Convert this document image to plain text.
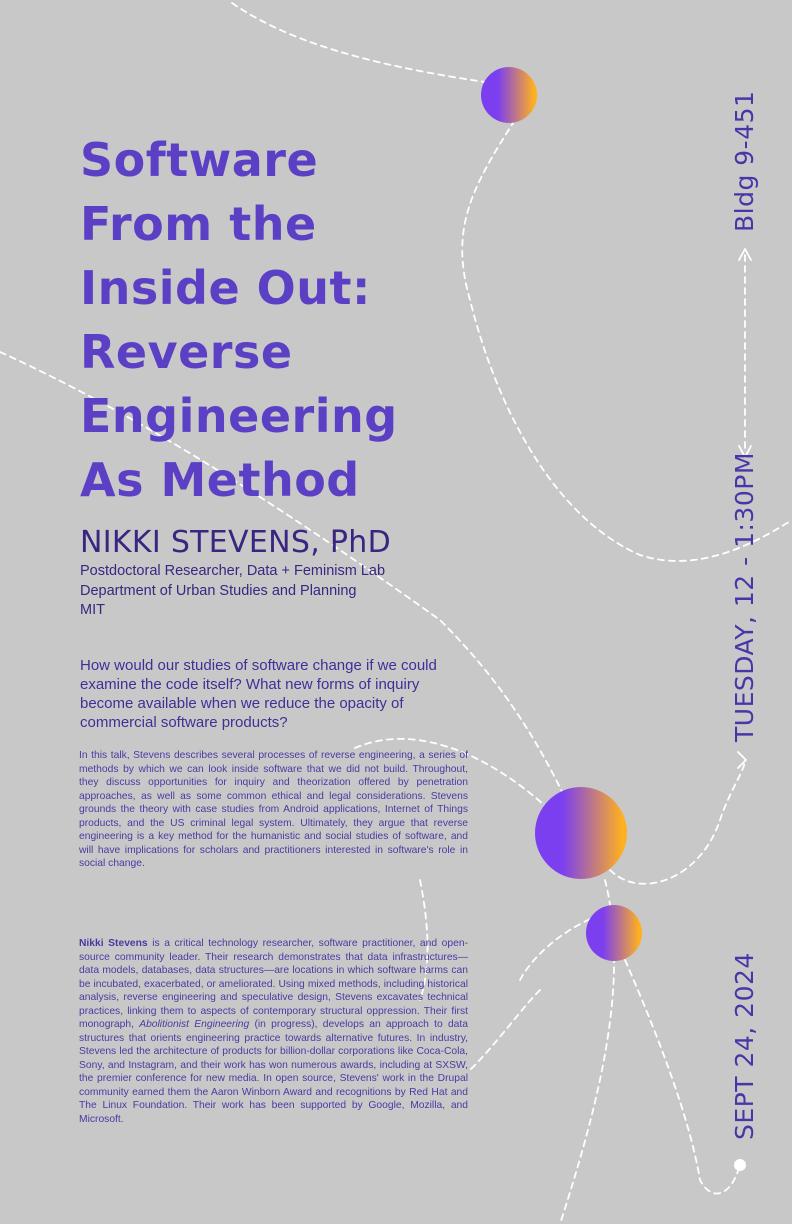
Software
From the
Inside Out:
Reverse
Engineering
As Method
NIKKI STEVENS, PhD
Postdoctoral Researcher, Data + Feminism Lab
Department of Urban Studies and Planning
MIT
How would our studies of software change if we could examine the code itself? What new forms of inquiry become available when we reduce the opacity of commercial software products?
In this talk, Stevens describes several processes of reverse engineering, a series of methods by which we can look inside software that we did not build. Throughout, they discuss opportunities for inquiry and theorization offered by penetration approaches, as well as some common ethical and legal considerations. Stevens grounds the theory with case studies from Android applications, Internet of Things products, and the US criminal legal system. Ultimately, they argue that reverse engineering is a key method for the humanistic and social studies of software, and will have implications for scholars and practitioners interested in software's role in social change.
Nikki Stevens is a critical technology researcher, software practitioner, and open-source community leader. Their research demonstrates that data infrastructures—data models, databases, data structures—are locations in which software harms can be incubated, exacerbated, or ameliorated. Using mixed methods, including historical analysis, reverse engineering and speculative design, Stevens excavates technical practices, linking them to aspects of contemporary structural oppression. Their first monograph, Abolitionist Engineering (in progress), develops an approach to data structures that orients engineering practice towards alternative futures. In industry, Stevens led the architecture of products for billion-dollar corporations like Coca-Cola, Sony, and Instagram, and their work has won numerous awards, including at SXSW, the premier conference for new media. In open source, Stevens' work in the Drupal community earned them the Aaron Winborn Award and recognitions by Red Hat and The Linux Foundation. Their work has been supported by Google, Mozilla, and Microsoft.
Bldg 9-451
TUESDAY, 12 - 1:30PM
SEPT 24, 2024
